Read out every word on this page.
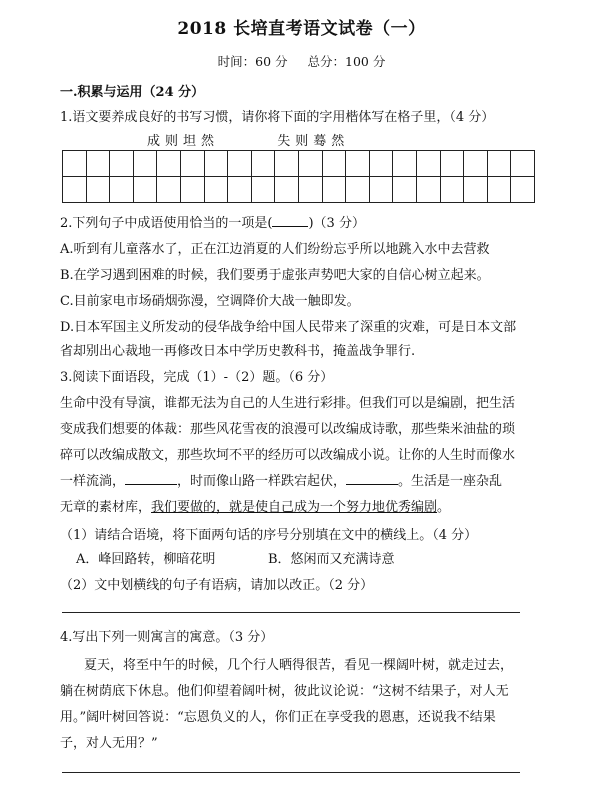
2018 长培直考语文试卷（一）
时间：60 分 总分：100 分
一.积累与运用（24 分）
1.语文要养成良好的书写习惯，请你将下面的字用楷体写在格子里，（4 分）
成则坦然	失则蓦然

2.下列句子中成语使用恰当的一项是(	)（3 分）
A.听到有儿童落水了，正在江边消夏的人们纷纷忘乎所以地跳入水中去营救
B.在学习遇到困难的时候，我们要勇于虚张声势吧大家的自信心树立起来。
C.目前家电市场硝烟弥漫，空调降价大战一触即发。
D.日本军国主义所发动的侵华战争给中国人民带来了深重的灾难，可是日本文部
省却别出心裁地一再修改日本中学历史教科书，掩盖战争罪行.
3.阅读下面语段，完成（1）-（2）题。（6 分）
生命中没有导演，谁都无法为自己的人生进行彩排。但我们可以是编剧，把生活
变成我们想要的体裁：那些风花雪夜的浪漫可以改编成诗歌，那些柴米油盐的琐
碎可以改编成散文，那些坎坷不平的经历可以改编成小说。让你的人生时而像水
一样流淌，	，时而像山路一样跌宕起伏，	。生活是一座杂乱
无章的素材库，我们要做的，就是使自己成为一个努力地优秀编剧。
（1）请结合语境，将下面两句话的序号分别填在文中的横线上。（4 分）
A．峰回路转，柳暗花明	B．悠闲而又充满诗意
（2）文中划横线的句子有语病，请加以改正。（2 分）
4.写出下列一则寓言的寓意。（3 分）
夏天，将至中午的时候，几个行人晒得很苦，看见一棵阔叶树，就走过去，
躺在树荫底下休息。他们仰望着阔叶树，彼此议论说：“这树不结果子，对人无
用。”阔叶树回答说：“忘恩负义的人，你们正在享受我的恩惠，还说我不结果
子，对人无用？”
